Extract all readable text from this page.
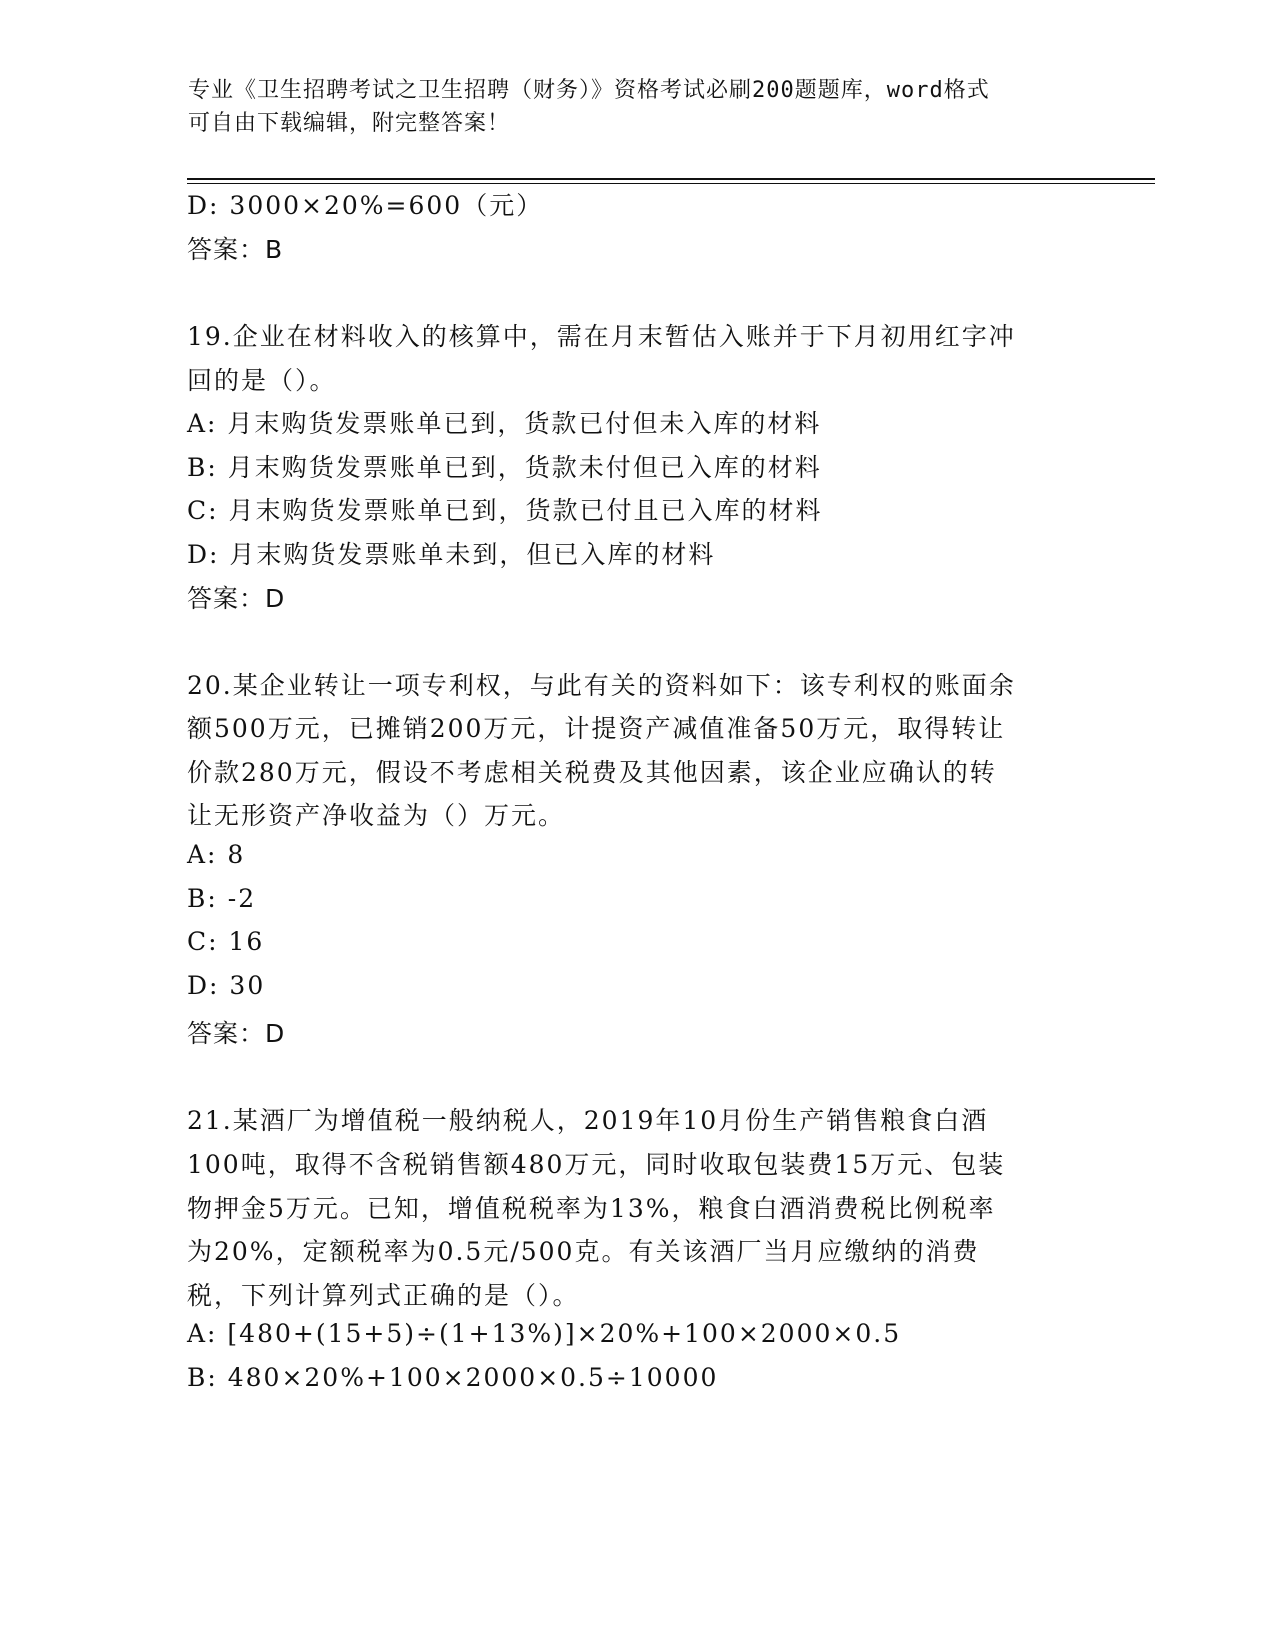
专业《卫生招聘考试之卫生招聘（财务）》资格考试必刷200题题库，word格式
可自由下载编辑，附完整答案！
D: 3000×20%=600（元）
答案：B
19.企业在材料收入的核算中，需在月末暂估入账并于下月初用红字冲
回的是（）。
A: 月末购货发票账单已到，货款已付但未入库的材料
B: 月末购货发票账单已到，货款未付但已入库的材料
C: 月末购货发票账单已到，货款已付且已入库的材料
D: 月末购货发票账单未到，但已入库的材料
答案：D
20.某企业转让一项专利权，与此有关的资料如下：该专利权的账面余
额500万元，已摊销200万元，计提资产减值准备50万元，取得转让
价款280万元，假设不考虑相关税费及其他因素，该企业应确认的转
让无形资产净收益为（）万元。
A: 8
B: -2
C: 16
D: 30
答案：D
21.某酒厂为增值税一般纳税人，2019年10月份生产销售粮食白酒
100吨，取得不含税销售额480万元，同时收取包装费15万元、包装
物押金5万元。已知，增值税税率为13%，粮食白酒消费税比例税率
为20%，定额税率为0.5元/500克。有关该酒厂当月应缴纳的消费
税，下列计算列式正确的是（）。
A: [480+(15+5)÷(1+13%)]×20%+100×2000×0.5
B: 480×20%+100×2000×0.5÷10000
